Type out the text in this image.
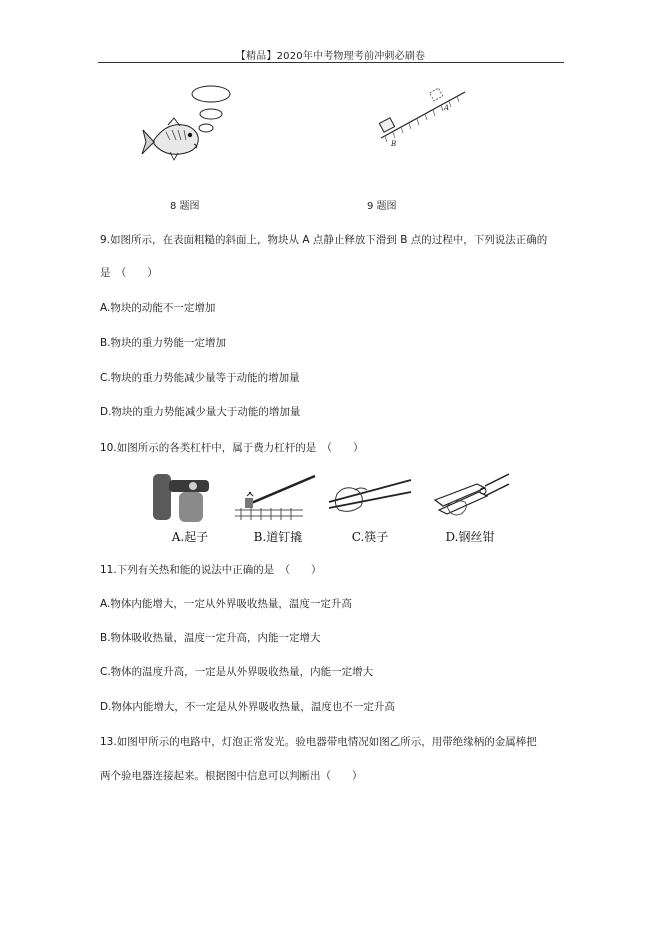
【精品】2020年中考物理考前冲刺必刷卷
8 题图
A
B
9 题图
9.如图所示，在表面粗糙的斜面上，物块从 A 点静止释放下滑到 B 点的过程中，下列说法正确的
是　（　　）
A.物块的动能不一定增加
B.物块的重力势能一定增加
C.物块的重力势能减少量等于动能的增加量
D.物块的重力势能减少量大于动能的增加量
10.如图所示的各类杠杆中，属于费力杠杆的是　（　　）
A.起子	B.道钉撬	C.筷子	D.钢丝钳
11.下列有关热和能的说法中正确的是　（　　）
A.物体内能增大，一定从外界吸收热量，温度一定升高
B.物体吸收热量，温度一定升高，内能一定增大
C.物体的温度升高，一定是从外界吸收热量，内能一定增大
D.物体内能增大，不一定是从外界吸收热量，温度也不一定升高
13.如图甲所示的电路中，灯泡正常发光。验电器带电情况如图乙所示，用带绝缘柄的金属棒把
两个验电器连接起来。根据图中信息可以判断出（　　）
